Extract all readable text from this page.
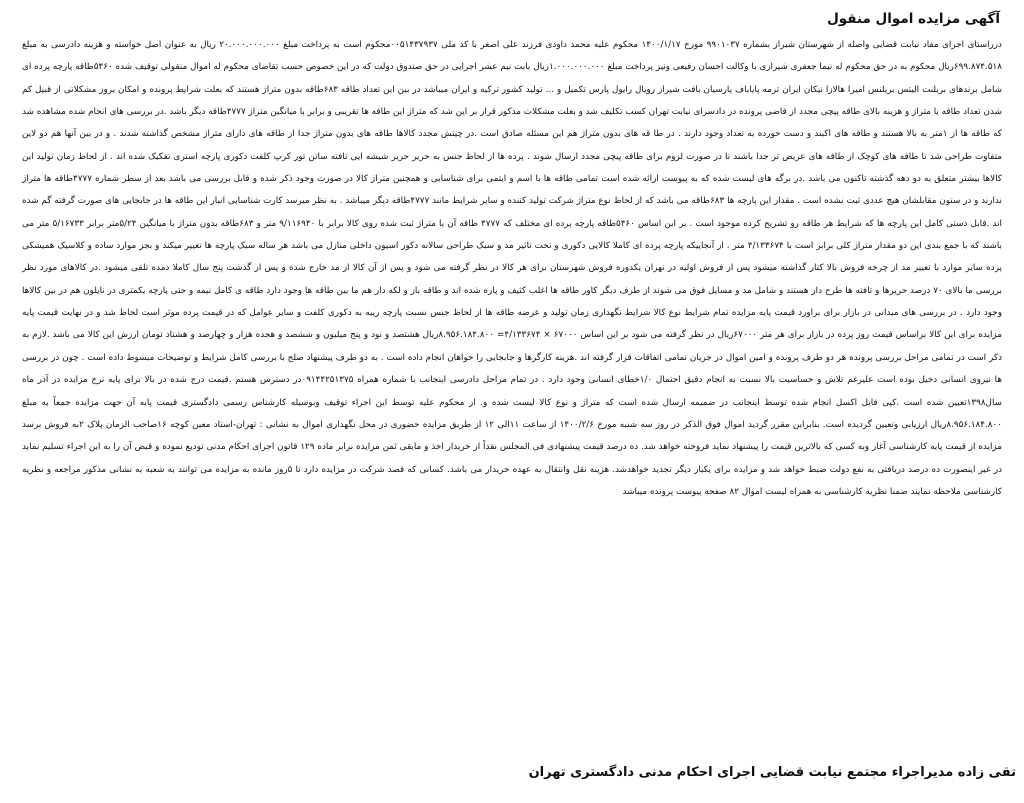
آگهی مزایده اموال منقول

درراستای اجرای مفاد نیابت قضایی واصله از شهرستان شیراز بشماره ۹۹۰۱۰۳۷ مورخ ۱۴۰۰/۱/۱۷ محکوم علیه محمد داودی فرزند علی اصغر با کد ملی ۰۰۵۱۴۳۷۹۳۷محکوم است به پرداخت مبلغ ۲۰.۰۰۰.۰۰۰.۰۰۰ ریال به عنوان اصل خواسته و هزینه دادرسی به مبلغ ۶۹۹.۸۷۴.۵۱۸ریال محکوم به در حق محکوم له نیما جعفری شیرازی با وکالت احسان رفیعی ونیز پرداخت مبلغ ۱.۰۰۰.۰۰۰.۰۰۰ریال بابت نیم عشر اجرایی در حق صندوق دولت که در این خصوص حسب تقاضای محکوم له اموال منقولی توقیف شده ۵۴۶۰طاقه پارچه پرده ای شامل برندهای بریلنت الیتس بریلنس امیرا هالازا نیکان ایران ترمه پایاباف پارسیان بافت شیراز رویال رایول پارس تکمیل و ... تولید کشور ترکیه و ایران میباشد در بین این تعداد طاقه ۶۸۳طاقه بدون متراژ هستند که بعلت شرایط پرونده و امکان بروز مشکلاتی از قبیل کم شدن تعداد طاقه یا متراژ و هزینه بالای طاقه پیچی مجدد از قاضی پرونده در دادسرای نیابت تهران کسب تکلیف شد و بعلت مشکلات مذکور قرار بر این شد که متراژ این طاقه ها تقریبی و برابر با میانگین متراژ ۴۷۷۷طاقه دیگر باشد .در بررسی های انجام شده مشاهده شد که طاقه ها از ۱متر به بالا هستند و طاقه های اکبند و دست خورده به تعداد وجود دارند . در طا قه های بدون متراژ هم این مسئله صادق است .در چینش مجدد کالاها طاقه های بدون متراژ جدا از طاقه های دارای متراژ مشخص گذاشته شدند . و در بین آنها هم دو لاین متفاوت طراحی شد تا طاقه های کوچک از طاقه های عریض تر جدا باشند تا در صورت لزوم برای طاقه پیچی مجدد ارسال شوند . پرده ها از لحاظ جنس به حریر حریر شیشه ایی تافته ساتن تور کرپ کلفت دکوری پارچه استری تفکیک شده اند . از لحاظ زمان تولید این کالاها بیشتر متعلق به دو دهه گذشته تاکنون می باشد .در برگه های لیست شده که به پیوست ارائه شده است تمامی طاقه ها با اسم و ایتمی برای شناسایی و همچنین متراژ کالا در صورت وجود ذکر شده و قابل بررسی می باشد بعد از سطر شماره ۴۷۷۷طاقه ها متراژ ندارند و در ستون مقابلشان هیچ عددی ثبت نشده است . مقدار این پارچه ها ۶۸۳طاقه می باشد که از لحاظ نوع متراژ شرکت تولید کننده و سایر شرایط مانند ۴۷۷۷طاقه دیگر میباشد . به نظر میرسد کارت شناسایی انبار این طاقه ها در جابجایی های صورت گرفته گم شده اند .قابل دستی کامل این پارچه ها که شرایط هر طاقه رو تشریح کرده موجود است . بر این اساس ۵۴۶۰طاقه پارچه پرده ای مختلف که ۴۷۷۷ طاقه آن با متراژ ثبت شده روی کالا برابر با ۹/۱۱۶۹۴۰ متر و ۶۸۳طاقه بدون متراژ با میانگین ۵/۲۴متر برابر ۵/۱۶۷۳۳ متر می باشند که با جمع بندی این دو مقدار متراژ کلی برابر است با ۴/۱۳۳۶۷۴ متر . از آنجاییکه پارچه پرده ای کاملا کالایی دکوری و تحت تاثیر مد و سبک طراحی سالانه دکور اسیون داخلی منازل می باشد هر ساله سبک پارچه ها تغییر میکند و بجز موارد ساده و کلاسیک همیشکی پرده سایر موارد با تغییر مد از چرخه فروش بالا کنار گذاشته میشود پس از فروش اولیه در تهران یکدوره فروش شهرستان برای هر کالا در نظر گرفته می شود و پس از آن کالا از مد خارج شده و پس از گذشت پنج سال کاملا دمده تلقی میشود .در کالاهای مورد نظر بررسی ما بالای ۷۰ درصد حریرها و تافته ها طرح دار هستند و شامل مد و مسایل فوق می شوند از طرف دیگر کاور طاقه ها اغلب کثیف و پاره شده اند و طاقه باز و لکه دار هم ما بین طاقه ها وجود دارد طاقه ی کامل نیمه و حتی پارچه یکمتری در نایلون هم در بین کالاها وجود دارد . در بررسی های میدانی در بازار برای براورد قیمت پایه مزایده تمام شرایط نوع کالا شرایط نگهداری زمان تولید و عرضه طاقه ها از لحاظ جنس نسبت پارچه ریبه به دکوری کلفت و سایر عوامل که در قیمت پرده موثر است لحاظ شد و در نهایت قیمت پایه مزایده برای این کالا براساس قیمت روز پرده در بازار برای هر متر ۶۷۰۰۰ریال در نظر گرفته می شود بر این اساس ۶۷۰۰۰ × ۴/۱۳۳۶۷۴= ۸.۹۵۶.۱۸۴.۸۰۰ریال هشتصد و نود و پنج میلیون و ششصد و هجده هزار و چهارصد و هشتاد تومان ارزش این کالا می باشد .لازم به ذکر است در تمامی مراحل بررسی پرونده هر دو طرف پرونده و امین اموال در جریان تمامی اتفاقات قرار گرفته اند .هزینه کارگرها و جابجایی را خواهان انجام داده است . به دو طرف پیشنهاد صلح با بررسی کامل شرایط و توضیحات مبسوط داده است . چون در بررسی ها نیروی انسانی دخیل بوده است علیرغم تلاش و حساسیت بالا نسبت به انجام دقیق احتمال ۱/۰خطای انسانی وجود دارد . در تمام مراحل دادرسی اینجانب با شماره همراه ۰۹۱۴۴۲۵۱۳۷۵در دسترس هستم .قیمت درج شده در بالا برای پایه نرخ مزایده در آذر ماه سال۱۳۹۸تعیین شده است .کپی فایل اکسل انجام شده توسط اینجانب در ضمیمه ارسال شده است که متراژ و نوع کالا لیست شده و. از محکوم علیه توسط این اجراء توقیف وبوسیله کارشناس رسمی دادگستری قیمت پایه آن جهت مزایده جمعاً به مبلغ ۸.۹۵۶.۱۸۴.۸۰۰ریال ارزیابی وتعیین گردیده است. بنابراین مقرر گردید اموال فوق الذکر در روز سه شنبه مورخ ۱۴۰۰/۲/۶ از ساعت ۱۱الی ۱۲ از طریق مزایده حضوری در محل نگهداری اموال به نشانی : تهران-استاد معین کوچه ۱۶صاحب الزمان پلاک ۲به فروش برسد مزایده از قیمت پایه کارشناسی آغاز وبه کسی که بالاترین قیمت را پیشنهاد نماید فروخته خواهد شد. ده درصد قیمت پیشنهادی فی المجلس نقداً از خریدار اخذ و مابقی ثمن مزایده برابر ماده ۱۲۹ قانون اجرای احکام مدنی تودیع نموده و قبض آن را به این اجراء تسلیم نماید در غیر اینصورت ده درصد دریافتی به نفع دولت ضبط خواهد شد و مزایده برای یکبار دیگر تجدید خواهدشد. هزینه نقل وانتقال به عهده خریدار می باشد. کسانی که قصد شرکت در مزایده دارد تا ۵روز مانده به مزایده می توانند به شعبه به نشانی مذکور مراجعه و نظریه کارشناسی ملاحظه نمایند ضمنا نظریه کارشناسی به همراه لیست اموال ۸۲ صفحه پیوست پرونده میباشد

تقی زاده مدیراجراء مجتمع نیابت قضایی اجرای احکام مدنی دادگستری تهران
